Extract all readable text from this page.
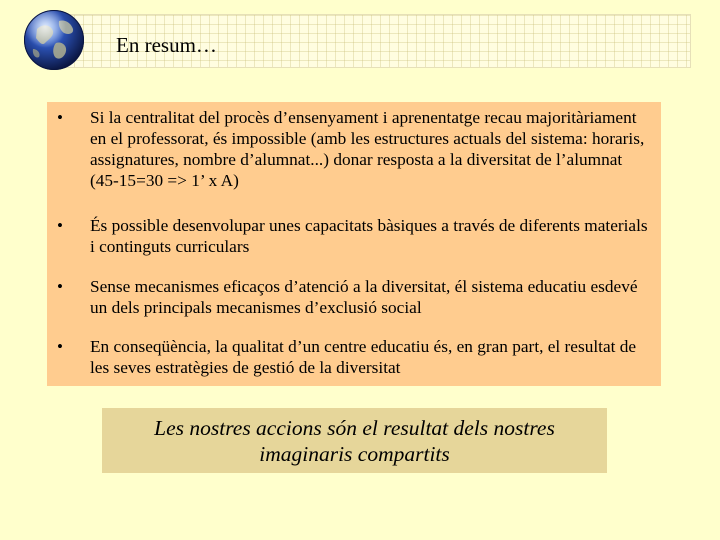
En resum…
• Si la centralitat del procès d’ensenyament i aprenentatge recau majoritàriament en el professorat, és impossible (amb les estructures actuals del sistema: horaris, assignatures, nombre d’alumnat...) donar resposta a la diversitat de l’alumnat (45-15=30 => 1’ x A)
• És possible desenvolupar unes capacitats bàsiques a través de diferents materials i continguts curriculars
• Sense mecanismes eficaços d’atenció a la diversitat, él sistema educatiu esdevé un dels principals mecanismes d’exclusió social
• En conseqüència, la qualitat d’un centre educatiu és, en gran part, el resultat de les seves estratègies de gestió de la diversitat
Les nostres accions són el resultat dels nostres imaginaris compartits
